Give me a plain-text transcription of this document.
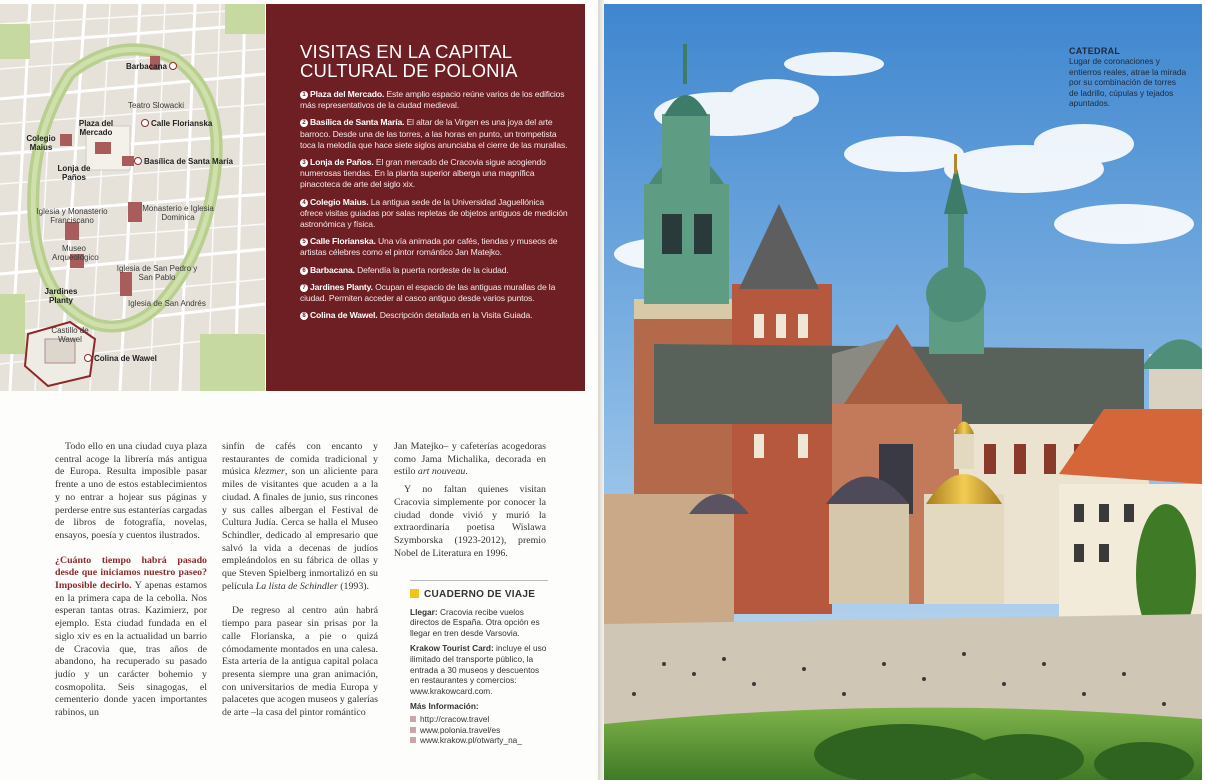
Barbacana
Teatro Slowacki
Plaza del Mercado
Calle Florianska
Colegio Maius
Lonja de Paños
Basílica de Santa María
Iglesia y Monasterio Franciscano
Monasterio e Iglesia Dominica
Museo Arqueológico
Iglesia de San Pedro y San Pablo
Jardines Planty	Iglesia de San Andrés
Castillo de Wawel
Colina de Wawel
VISITAS EN LA CAPITAL
CULTURAL DE POLONIA

1 Plaza del Mercado. Este amplio espacio reúne varios de los edificios más representativos de la ciudad medieval.

2 Basílica de Santa María. El altar de la Virgen es una joya del arte barroco. Desde una de las torres, a las horas en punto, un trompetista toca la melodía que hace siete siglos anunciaba el cierre de las murallas.

3 Lonja de Paños. El gran mercado de Cracovia sigue acogiendo numerosas tiendas. En la planta superior alberga una magnífica pinacoteca de arte del siglo xix.

4 Colegio Maius. La antigua sede de la Universidad Jaguellónica ofrece visitas guiadas por salas repletas de objetos antiguos de medición astronómica y física.

5 Calle Florianska. Una vía animada por cafés, tiendas y museos de artistas célebres como el pintor romántico Jan Matejko.

6 Barbacana. Defendía la puerta nordeste de la ciudad.

7 Jardines Planty. Ocupan el espacio de las antiguas murallas de la ciudad. Permiten acceder al casco antiguo desde varios puntos.

8 Colina de Wawel. Descripción detallada en la Visita Guiada.

Todo ello en una ciudad cuya plaza central acoge la librería más antigua de Europa. Resulta imposible pasar frente a uno de estos establecimientos y no entrar a hojear sus páginas y perderse entre sus estanterías cargadas de libros de fotografía, novelas, ensayos, poesía y cuentos ilustrados.

¿Cuánto tiempo habrá pasado desde que iniciamos nuestro paseo? Imposible decirlo. Y apenas estamos en la primera capa de la cebolla. Nos esperan tantas otras. Kazimierz, por ejemplo. Esta ciudad fundada en el siglo xiv es en la actualidad un barrio de Cracovia que, tras años de abandono, ha recuperado su pasado judío y un carácter bohemio y cosmopolita. Seis sinagogas, el cementerio donde yacen importantes rabinos, un

sinfín de cafés con encanto y restaurantes de comida tradicional y música klezmer, son un aliciente para miles de visitantes que acuden a a la ciudad. A finales de junio, sus rincones y sus calles albergan el Festival de Cultura Judía. Cerca se halla el Museo Schindler, dedicado al empresario que salvó la vida a decenas de judíos empleándolos en su fábrica de ollas y que Steven Spielberg inmortalizó en su película La lista de Schindler (1993).

De regreso al centro aún habrá tiempo para pasear sin prisas por la calle Florianska, a pie o quizá cómodamente montados en una calesa. Esta arteria de la antigua capital polaca presenta siempre una gran animación, con universitarios de media Europa y palacetes que acogen museos y galerías de arte –la casa del pintor romántico

Jan Matejko– y cafeterías acogedoras como Jama Michalika, decorada en estilo art nouveau.

Y no faltan quienes visitan Cracovia simplemente por conocer la ciudad donde vivió y murió la extraordinaria poetisa Wislawa Szymborska (1923-2012), premio Nobel de Literatura en 1996.

CUADERNO DE VIAJE

Llegar: Cracovia recibe vuelos directos de España. Otra opción es llegar en tren desde Varsovia.

Krakow Tourist Card: incluye el uso ilimitado del transporte público, la entrada a 30 museos y descuentos en restaurantes y comercios: www.krakowcard.com.

Más Información:
http://cracow.travel
www.polonia.travel/es
www.krakow.pl/otwarty_na_
CATEDRAL
Lugar de coronaciones y entierros reales, atrae la mirada por su combinación de torres de ladrillo, cúpulas y tejados apuntados.
